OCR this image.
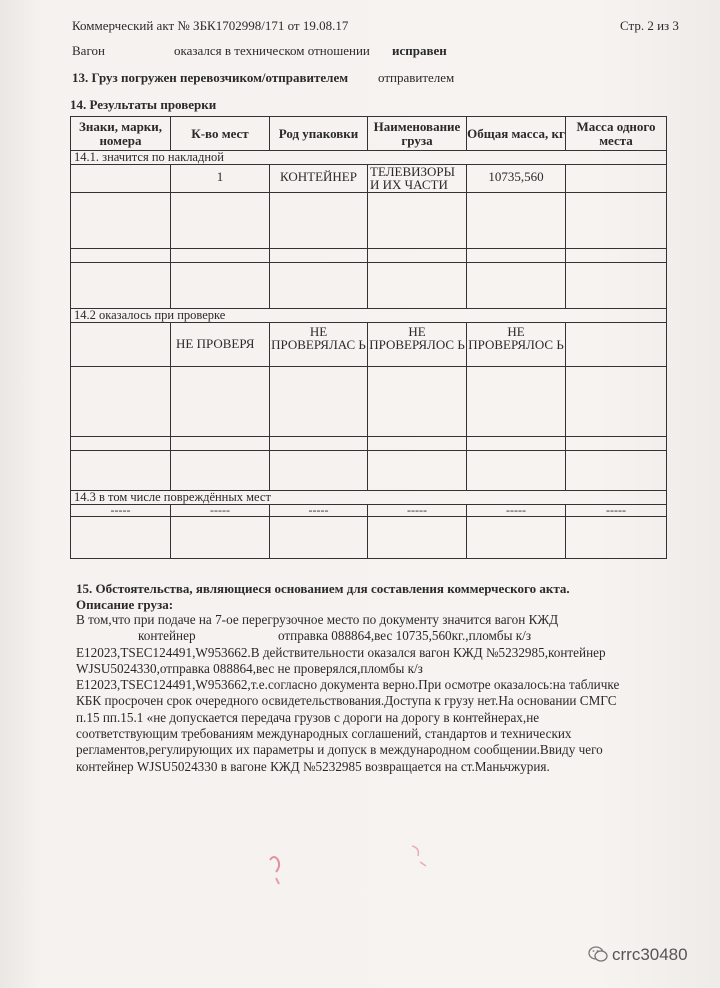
Коммерческий акт № ЗБК1702998/171 от 19.08.17	Стр. 2 из 3
Вагон	оказался в техническом отношении исправен
13. Груз погружен перевозчиком/отправителем отправителем
14. Результаты проверки
Знаки, марки, номера	К-во мест	Род упаковки	Наименование груза	Общая масса, кг	Масса одного места
14.1. значится по накладной					
	1	КОНТЕЙНЕР	ТЕЛЕВИЗОРЫ И ИХ ЧАСТИ	10735,560	

14.2 оказалось при проверке					
	НЕ ПРОВЕРЯ	НЕ ПРОВЕРЯЛАС Ь	НЕ ПРОВЕРЯЛОС Ь	НЕ ПРОВЕРЯЛОС Ь	

14.3 в том числе повреждённых мест					
-----	-----	-----	-----	-----	-----

15. Обстоятельства, являющиеся основанием для составления коммерческого акта.
Описание груза:
В том,что при подаче на 7-ое перегрузочное место по документу значится вагон КЖД
контейнер                         отправка 088864,вес 10735,560кг.,пломбы к/з
E12023,TSEC124491,W953662.В действительности оказался вагон КЖД №5232985,контейнер
WJSU5024330,отправка 088864,вес не проверялся,пломбы к/з
E12023,TSEC124491,W953662,т.е.согласно документа верно.При осмотре оказалось:на табличке
КБК просрочен срок очередного освидетельствования.Доступа к грузу нет.На основании СМГС
п.15 пп.15.1 «не допускается передача грузов с дороги на дорогу в контейнерах,не
соответствующим требованиям международных соглашений, стандартов и технических
регламентов,регулирующих их параметры и допуск в международном сообщении.Ввиду чего
контейнер WJSU5024330 в вагоне КЖД №5232985 возвращается на ст.Маньчжурия.
crrc30480
